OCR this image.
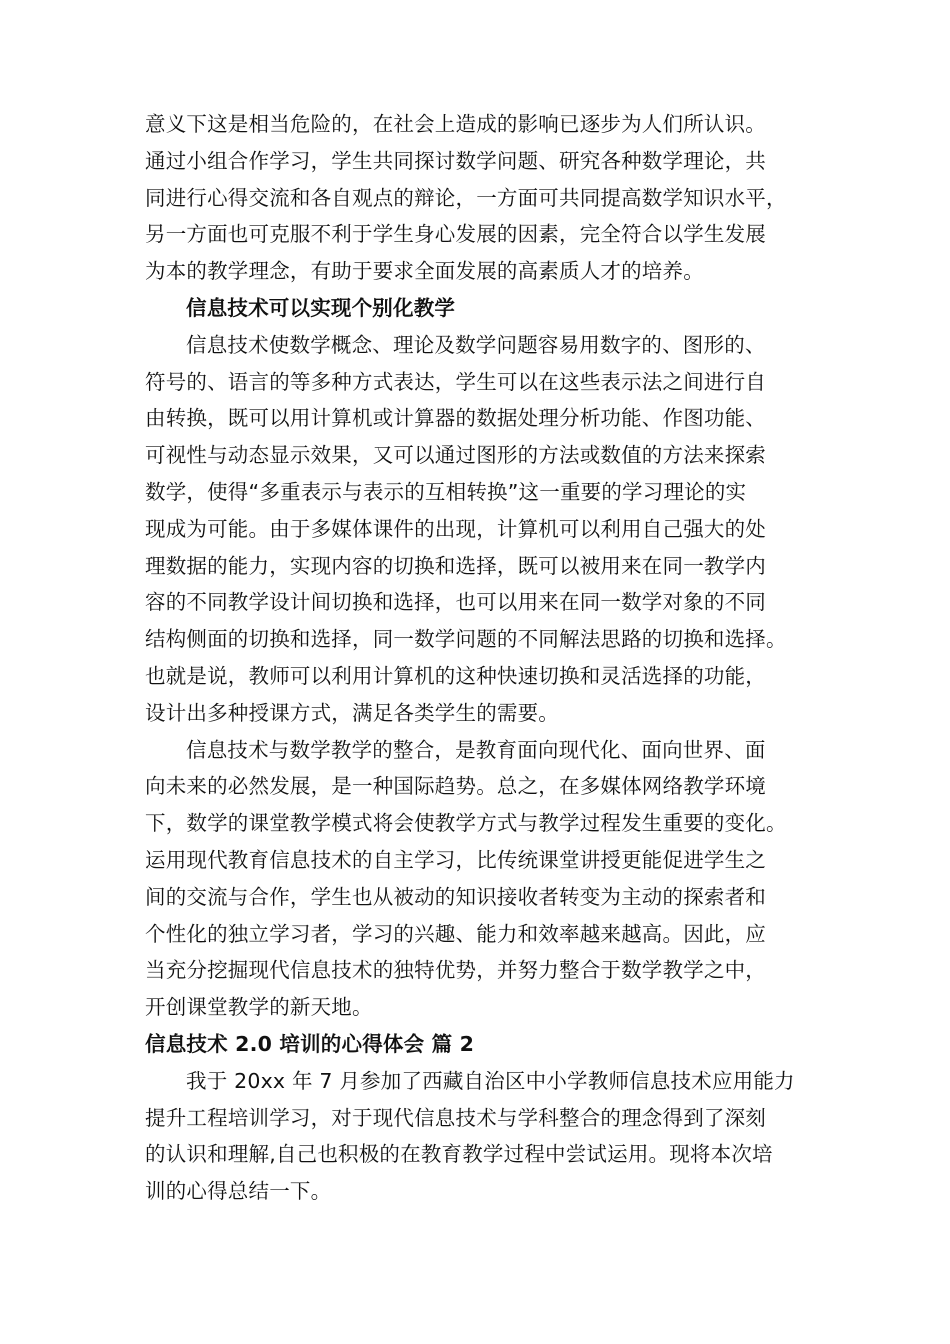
意义下这是相当危险的，在社会上造成的影响已逐步为人们所认识。
通过小组合作学习，学生共同探讨数学问题、研究各种数学理论，共
同进行心得交流和各自观点的辩论，一方面可共同提高数学知识水平，
另一方面也可克服不利于学生身心发展的因素，完全符合以学生发展
为本的教学理念，有助于要求全面发展的高素质人才的培养。
信息技术可以实现个别化教学
信息技术使数学概念、理论及数学问题容易用数字的、图形的、
符号的、语言的等多种方式表达，学生可以在这些表示法之间进行自
由转换，既可以用计算机或计算器的数据处理分析功能、作图功能、
可视性与动态显示效果，又可以通过图形的方法或数值的方法来探索
数学，使得“多重表示与表示的互相转换”这一重要的学习理论的实
现成为可能。由于多媒体课件的出现，计算机可以利用自己强大的处
理数据的能力，实现内容的切换和选择，既可以被用来在同一教学内
容的不同教学设计间切换和选择，也可以用来在同一数学对象的不同
结构侧面的切换和选择，同一数学问题的不同解法思路的切换和选择。
也就是说，教师可以利用计算机的这种快速切换和灵活选择的功能，
设计出多种授课方式，满足各类学生的需要。
信息技术与数学教学的整合，是教育面向现代化、面向世界、面
向未来的必然发展，是一种国际趋势。总之，在多媒体网络教学环境
下，数学的课堂教学模式将会使教学方式与教学过程发生重要的变化。
运用现代教育信息技术的自主学习，比传统课堂讲授更能促进学生之
间的交流与合作，学生也从被动的知识接收者转变为主动的探索者和
个性化的独立学习者，学习的兴趣、能力和效率越来越高。因此，应
当充分挖掘现代信息技术的独特优势，并努力整合于数学教学之中，
开创课堂教学的新天地。
信息技术 2.0 培训的心得体会 篇 2
我于 20xx 年 7 月参加了西藏自治区中小学教师信息技术应用能力
提升工程培训学习，对于现代信息技术与学科整合的理念得到了深刻
的认识和理解,自己也积极的在教育教学过程中尝试运用。现将本次培
训的心得总结一下。
